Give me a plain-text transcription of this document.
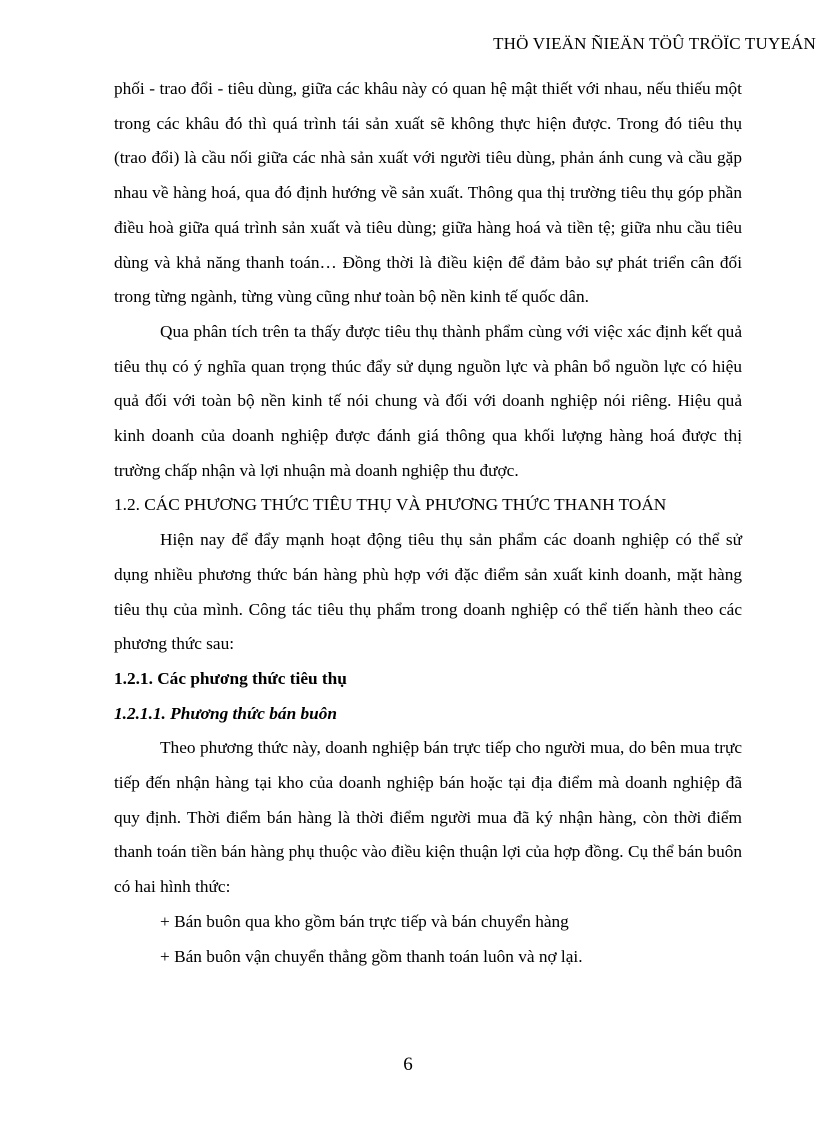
THÖ VIEÄN ÑIEÄN TÖÛ TRÖÏC TUYEÁN

phối - trao đổi - tiêu dùng, giữa các khâu này có quan hệ mật thiết với nhau, nếu thiếu một trong các khâu đó thì quá trình tái sản xuất sẽ không thực hiện được. Trong đó tiêu thụ (trao đổi) là cầu nối giữa các nhà sản xuất với người tiêu dùng, phản ánh cung và cầu gặp nhau về hàng hoá, qua đó định hướng về sản xuất. Thông qua thị trường tiêu thụ góp phần điều hoà giữa quá trình sản xuất và tiêu dùng; giữa hàng hoá và tiền tệ; giữa nhu cầu tiêu dùng và khả năng thanh toán… Đồng thời là điều kiện để đảm bảo sự phát triển cân đối trong từng ngành, từng vùng cũng như toàn bộ nền kinh tế quốc dân.

Qua phân tích trên ta thấy được tiêu thụ thành phẩm cùng với việc xác định kết quả tiêu thụ có ý nghĩa quan trọng thúc đẩy sử dụng nguồn lực và phân bổ nguồn lực có hiệu quả đối với toàn bộ nền kinh tế nói chung và đối với doanh nghiệp nói riêng. Hiệu quả kinh doanh của doanh nghiệp được đánh giá thông qua khối lượng hàng hoá được thị trường chấp nhận và lợi nhuận mà doanh nghiệp thu được.

1.2. CÁC PHƯƠNG THỨC TIÊU THỤ VÀ PHƯƠNG THỨC THANH TOÁN

Hiện nay để đẩy mạnh hoạt động tiêu thụ sản phẩm các doanh nghiệp có thể sử dụng nhiều phương thức bán hàng phù hợp với đặc điểm sản xuất kinh doanh, mặt hàng tiêu thụ của mình. Công tác tiêu thụ phẩm trong doanh nghiệp có thể tiến hành theo các phương thức sau:

1.2.1. Các phương thức tiêu thụ

1.2.1.1. Phương thức bán buôn

Theo phương thức này, doanh nghiệp bán trực tiếp cho người mua, do bên mua trực tiếp đến nhận hàng tại kho của doanh nghiệp bán hoặc tại địa điểm mà doanh nghiệp đã quy định. Thời điểm bán hàng là thời điểm người mua đã ký nhận hàng, còn thời điểm thanh toán tiền bán hàng phụ thuộc vào điều kiện thuận lợi của hợp đồng. Cụ thể bán buôn có hai hình thức:

+ Bán buôn qua kho gồm bán trực tiếp và bán chuyển hàng

+ Bán buôn vận chuyển thẳng gồm thanh toán luôn và nợ lại.

6
